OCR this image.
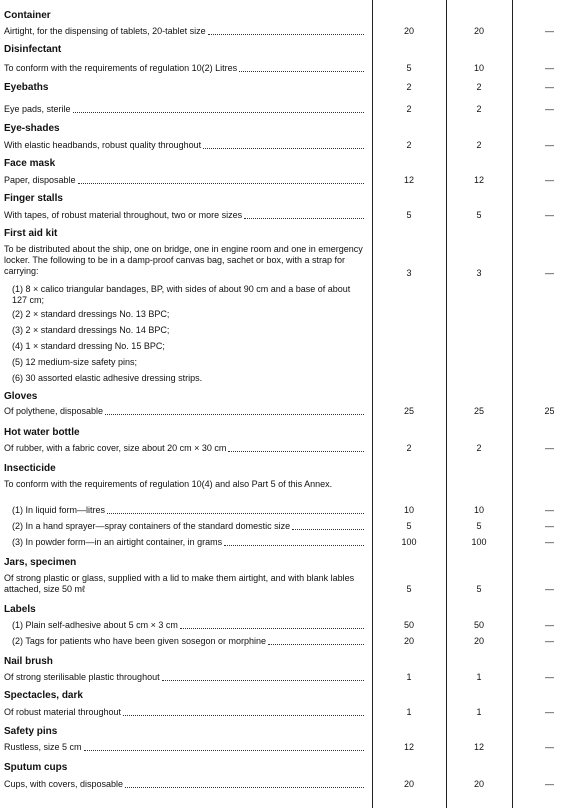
Container
Airtight, for the dispensing of tablets, 20-tablet size	20	20	—
Disinfectant
To conform with the requirements of regulation 10(2) Litres	5	10	—
Eyebaths	2	2	—
Eye pads, sterile	2	2	—
Eye-shades
With elastic headbands, robust quality throughout	2	2	—
Face mask
Paper, disposable	12	12	—
Finger stalls
With tapes, of robust material throughout, two or more sizes	5	5	—
First aid kit
To be distributed about the ship, one on bridge, one in engine room and one in emergency locker. The following to be in a damp-proof canvas bag, sachet or box, with a strap for carrying:	3	3	—
(1) 8 × calico triangular bandages, BP, with sides of about 90 cm and a base of about 127 cm;
(2) 2 × standard dressings No. 13 BPC;
(3) 2 × standard dressings No. 14 BPC;
(4) 1 × standard dressing No. 15 BPC;
(5) 12 medium-size safety pins;
(6) 30 assorted elastic adhesive dressing strips.
Gloves
Of polythene, disposable	25	25	25
Hot water bottle
Of rubber, with a fabric cover, size about 20 cm × 30 cm	2	2	—
Insecticide
To conform with the requirements of regulation 10(4) and also Part 5 of this Annex.
(1) In liquid form—litres	10	10	—
(2) In a hand sprayer—spray containers of the standard domestic size	5	5	—
(3) In powder form—in an airtight container, in grams	100	100	—
Jars, specimen
Of strong plastic or glass, supplied with a lid to make them airtight, and with blank lables attached, size 50 mℓ	5	5	—
Labels
(1) Plain self-adhesive about 5 cm × 3 cm	50	50	—
(2) Tags for patients who have been given sosegon or morphine	20	20	—
Nail brush
Of strong sterilisable plastic throughout	1	1	—
Spectacles, dark
Of robust material throughout	1	1	—
Safety pins
Rustless, size 5 cm	12	12	—
Sputum cups
Cups, with covers, disposable	20	20	—
